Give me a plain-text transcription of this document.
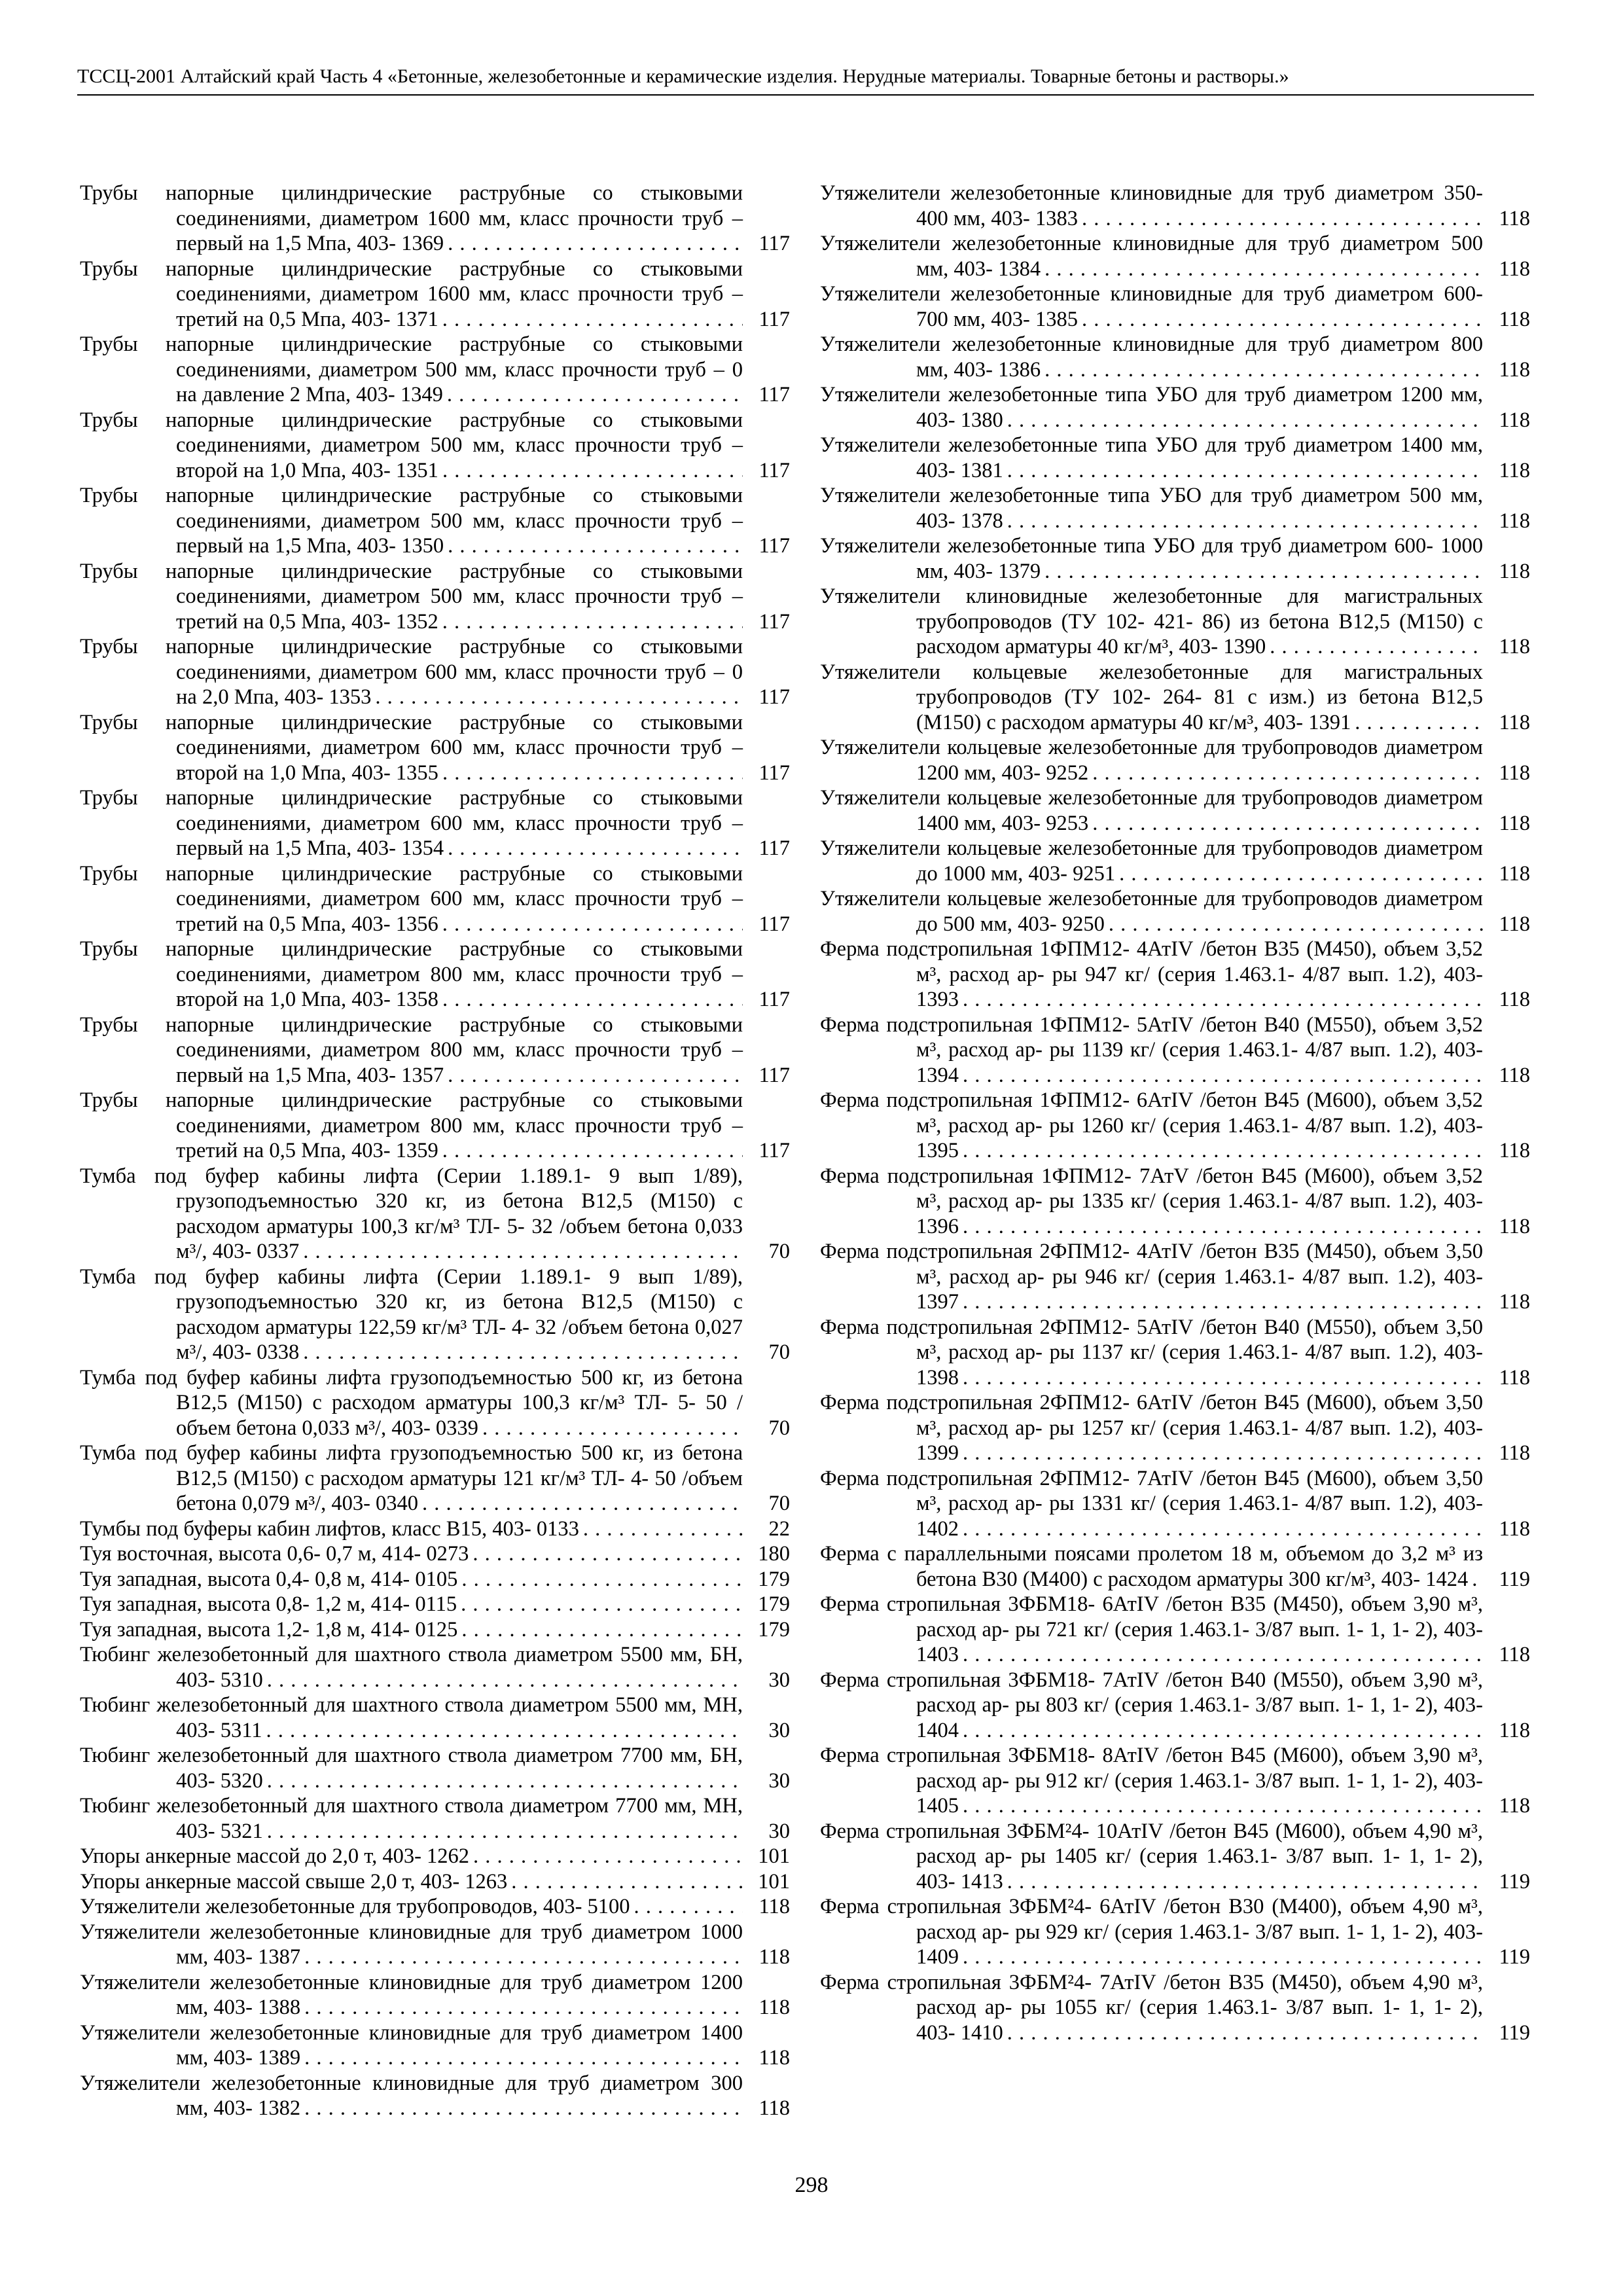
ТССЦ-2001 Алтайский край Часть 4 «Бетонные, железобетонные и керамические изделия. Нерудные материалы. Товарные бетоны и растворы.»
Трубы напорные цилиндрические раструбные со стыковыми соединениями, диаметром 1600 мм, класс прочности труб – первый на 1,5 Мпа, 403- 1369	117
Трубы напорные цилиндрические раструбные со стыковыми соединениями, диаметром 1600 мм, класс прочности труб – третий на 0,5 Мпа, 403- 1371	117
Трубы напорные цилиндрические раструбные со стыковыми соединениями, диаметром 500 мм, класс прочности труб – 0 на давление 2 Мпа, 403- 1349	117
Трубы напорные цилиндрические раструбные со стыковыми соединениями, диаметром 500 мм, класс прочности труб – второй на 1,0 Мпа, 403- 1351	117
Трубы напорные цилиндрические раструбные со стыковыми соединениями, диаметром 500 мм, класс прочности труб – первый на 1,5 Мпа, 403- 1350	117
Трубы напорные цилиндрические раструбные со стыковыми соединениями, диаметром 500 мм, класс прочности труб – третий на 0,5 Мпа, 403- 1352	117
Трубы напорные цилиндрические раструбные со стыковыми соединениями, диаметром 600 мм, класс прочности труб – 0 на 2,0 Мпа, 403- 1353	117
Трубы напорные цилиндрические раструбные со стыковыми соединениями, диаметром 600 мм, класс прочности труб – второй на 1,0 Мпа, 403- 1355	117
Трубы напорные цилиндрические раструбные со стыковыми соединениями, диаметром 600 мм, класс прочности труб – первый на 1,5 Мпа, 403- 1354	117
Трубы напорные цилиндрические раструбные со стыковыми соединениями, диаметром 600 мм, класс прочности труб – третий на 0,5 Мпа, 403- 1356	117
Трубы напорные цилиндрические раструбные со стыковыми соединениями, диаметром 800 мм, класс прочности труб – второй на 1,0 Мпа, 403- 1358	117
Трубы напорные цилиндрические раструбные со стыковыми соединениями, диаметром 800 мм, класс прочности труб – первый на 1,5 Мпа, 403- 1357	117
Трубы напорные цилиндрические раструбные со стыковыми соединениями, диаметром 800 мм, класс прочности труб – третий на 0,5 Мпа, 403- 1359	117
Тумба под буфер кабины лифта (Серии 1.189.1- 9 вып 1/89), грузоподъемностью 320 кг, из бетона В12,5 (М150) с расходом арматуры 100,3 кг/м³ ТЛ- 5- 32 /объем бетона 0,033 м³/, 403- 0337	70
Тумба под буфер кабины лифта (Серии 1.189.1- 9 вып 1/89), грузоподъемностью 320 кг, из бетона В12,5 (М150) с расходом арматуры 122,59 кг/м³ ТЛ- 4- 32 /объем бетона 0,027 м³/, 403- 0338	70
Тумба под буфер кабины лифта грузоподъемностью 500 кг, из бетона В12,5 (М150) с расходом арматуры 100,3 кг/м³ ТЛ- 5- 50 /объем бетона 0,033 м³/, 403- 0339	70
Тумба под буфер кабины лифта грузоподъемностью 500 кг, из бетона В12,5 (М150) с расходом арматуры 121 кг/м³ ТЛ- 4- 50 /объем бетона 0,079 м³/, 403- 0340	70
Тумбы под буферы кабин лифтов, класс В15, 403- 0133	22
Туя восточная, высота 0,6- 0,7 м, 414- 0273	180
Туя западная, высота 0,4- 0,8 м, 414- 0105	179
Туя западная, высота 0,8- 1,2 м, 414- 0115	179
Туя западная, высота 1,2- 1,8 м, 414- 0125	179
Тюбинг железобетонный для шахтного ствола диаметром 5500 мм, БН, 403- 5310	30
Тюбинг железобетонный для шахтного ствола диаметром 5500 мм, МН, 403- 5311	30
Тюбинг железобетонный для шахтного ствола диаметром 7700 мм, БН, 403- 5320	30
Тюбинг железобетонный для шахтного ствола диаметром 7700 мм, МН, 403- 5321	30
Упоры анкерные массой до 2,0 т, 403- 1262	101
Упоры анкерные массой свыше 2,0 т, 403- 1263	101
Утяжелители железобетонные для трубопроводов, 403- 5100	118
Утяжелители железобетонные клиновидные для труб диаметром 1000 мм, 403- 1387	118
Утяжелители железобетонные клиновидные для труб диаметром 1200 мм, 403- 1388	118
Утяжелители железобетонные клиновидные для труб диаметром 1400 мм, 403- 1389	118
Утяжелители железобетонные клиновидные для труб диаметром 300 мм, 403- 1382	118
Утяжелители железобетонные клиновидные для труб диаметром 350- 400 мм, 403- 1383	118
Утяжелители железобетонные клиновидные для труб диаметром 500 мм, 403- 1384	118
Утяжелители железобетонные клиновидные для труб диаметром 600- 700 мм, 403- 1385	118
Утяжелители железобетонные клиновидные для труб диаметром 800 мм, 403- 1386	118
Утяжелители железобетонные типа УБО для труб диаметром 1200 мм, 403- 1380	118
Утяжелители железобетонные типа УБО для труб диаметром 1400 мм, 403- 1381	118
Утяжелители железобетонные типа УБО для труб диаметром 500 мм, 403- 1378	118
Утяжелители железобетонные типа УБО для труб диаметром 600- 1000 мм, 403- 1379	118
Утяжелители клиновидные железобетонные для магистральных трубопроводов (ТУ 102- 421- 86) из бетона В12,5 (М150) с расходом арматуры 40 кг/м³, 403- 1390	118
Утяжелители кольцевые железобетонные для магистральных трубопроводов (ТУ 102- 264- 81 с изм.) из бетона В12,5 (М150) с расходом арматуры 40 кг/м³, 403- 1391	118
Утяжелители кольцевые железобетонные для трубопроводов диаметром 1200 мм, 403- 9252	118
Утяжелители кольцевые железобетонные для трубопроводов диаметром 1400 мм, 403- 9253	118
Утяжелители кольцевые железобетонные для трубопроводов диаметром до 1000 мм, 403- 9251	118
Утяжелители кольцевые железобетонные для трубопроводов диаметром до 500 мм, 403- 9250	118
Ферма подстропильная 1ФПМ12- 4АтIV /бетон В35 (М450), объем 3,52 м³, расход ар- ры 947 кг/ (серия 1.463.1- 4/87 вып. 1.2), 403- 1393	118
Ферма подстропильная 1ФПМ12- 5АтIV /бетон В40 (М550), объем 3,52 м³, расход ар- ры 1139 кг/ (серия 1.463.1- 4/87 вып. 1.2), 403- 1394	118
Ферма подстропильная 1ФПМ12- 6АтIV /бетон В45 (М600), объем 3,52 м³, расход ар- ры 1260 кг/ (серия 1.463.1- 4/87 вып. 1.2), 403- 1395	118
Ферма подстропильная 1ФПМ12- 7АтV /бетон В45 (М600), объем 3,52 м³, расход ар- ры 1335 кг/ (серия 1.463.1- 4/87 вып. 1.2), 403- 1396	118
Ферма подстропильная 2ФПМ12- 4АтIV /бетон В35 (М450), объем 3,50 м³, расход ар- ры 946 кг/ (серия 1.463.1- 4/87 вып. 1.2), 403- 1397	118
Ферма подстропильная 2ФПМ12- 5АтIV /бетон В40 (М550), объем 3,50 м³, расход ар- ры 1137 кг/ (серия 1.463.1- 4/87 вып. 1.2), 403- 1398	118
Ферма подстропильная 2ФПМ12- 6АтIV /бетон В45 (М600), объем 3,50 м³, расход ар- ры 1257 кг/ (серия 1.463.1- 4/87 вып. 1.2), 403- 1399	118
Ферма подстропильная 2ФПМ12- 7АтIV /бетон В45 (М600), объем 3,50 м³, расход ар- ры 1331 кг/ (серия 1.463.1- 4/87 вып. 1.2), 403- 1402	118
Ферма с параллельными поясами пролетом 18 м, объемом до 3,2 м³ из бетона В30 (М400) с расходом арматуры 300 кг/м³, 403- 1424	119
Ферма стропильная 3ФБМ18- 6АтIV /бетон В35 (М450), объем 3,90 м³, расход ар- ры 721 кг/ (серия 1.463.1- 3/87 вып. 1- 1, 1- 2), 403- 1403	118
Ферма стропильная 3ФБМ18- 7АтIV /бетон В40 (М550), объем 3,90 м³, расход ар- ры 803 кг/ (серия 1.463.1- 3/87 вып. 1- 1, 1- 2), 403- 1404	118
Ферма стропильная 3ФБМ18- 8АтIV /бетон В45 (М600), объем 3,90 м³, расход ар- ры 912 кг/ (серия 1.463.1- 3/87 вып. 1- 1, 1- 2), 403- 1405	118
Ферма стропильная 3ФБМ²4- 10АтIV /бетон В45 (М600), объем 4,90 м³, расход ар- ры 1405 кг/ (серия 1.463.1- 3/87 вып. 1- 1, 1- 2), 403- 1413	119
Ферма стропильная 3ФБМ²4- 6АтIV /бетон В30 (М400), объем 4,90 м³, расход ар- ры 929 кг/ (серия 1.463.1- 3/87 вып. 1- 1, 1- 2), 403- 1409	119
Ферма стропильная 3ФБМ²4- 7АтIV /бетон В35 (М450), объем 4,90 м³, расход ар- ры 1055 кг/ (серия 1.463.1- 3/87 вып. 1- 1, 1- 2), 403- 1410	119
298
